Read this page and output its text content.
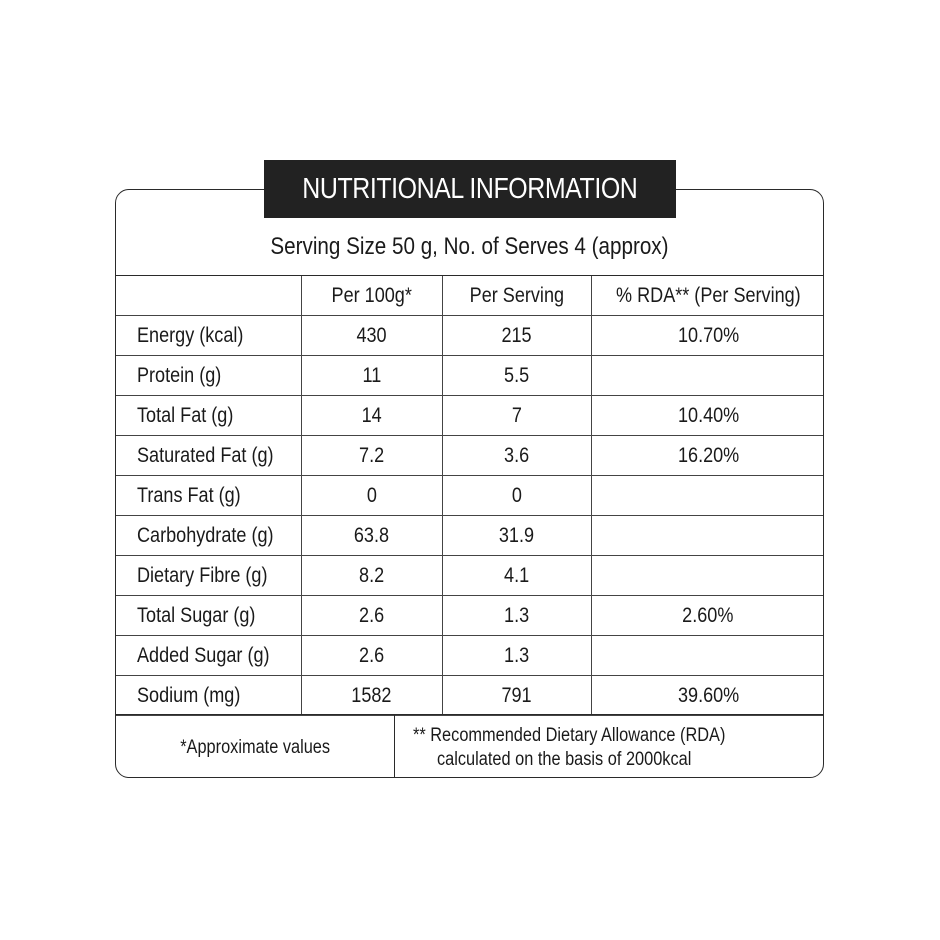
NUTRITIONAL INFORMATION
Serving Size 50 g, No. of Serves 4 (approx)
	Per 100g*	Per Serving	% RDA** (Per Serving)
Energy (kcal)	430	215	10.70%
Protein (g)	11	5.5	
Total Fat (g)	14	7	10.40%
Saturated Fat (g)	7.2	3.6	16.20%
Trans Fat (g)	0	0	
Carbohydrate (g)	63.8	31.9	
Dietary Fibre (g)	8.2	4.1	
Total Sugar (g)	2.6	1.3	2.60%
Added Sugar (g)	2.6	1.3	
Sodium (mg)	1582	791	39.60%
*Approximate values
** Recommended Dietary Allowance (RDA)
calculated on the basis of 2000kcal
